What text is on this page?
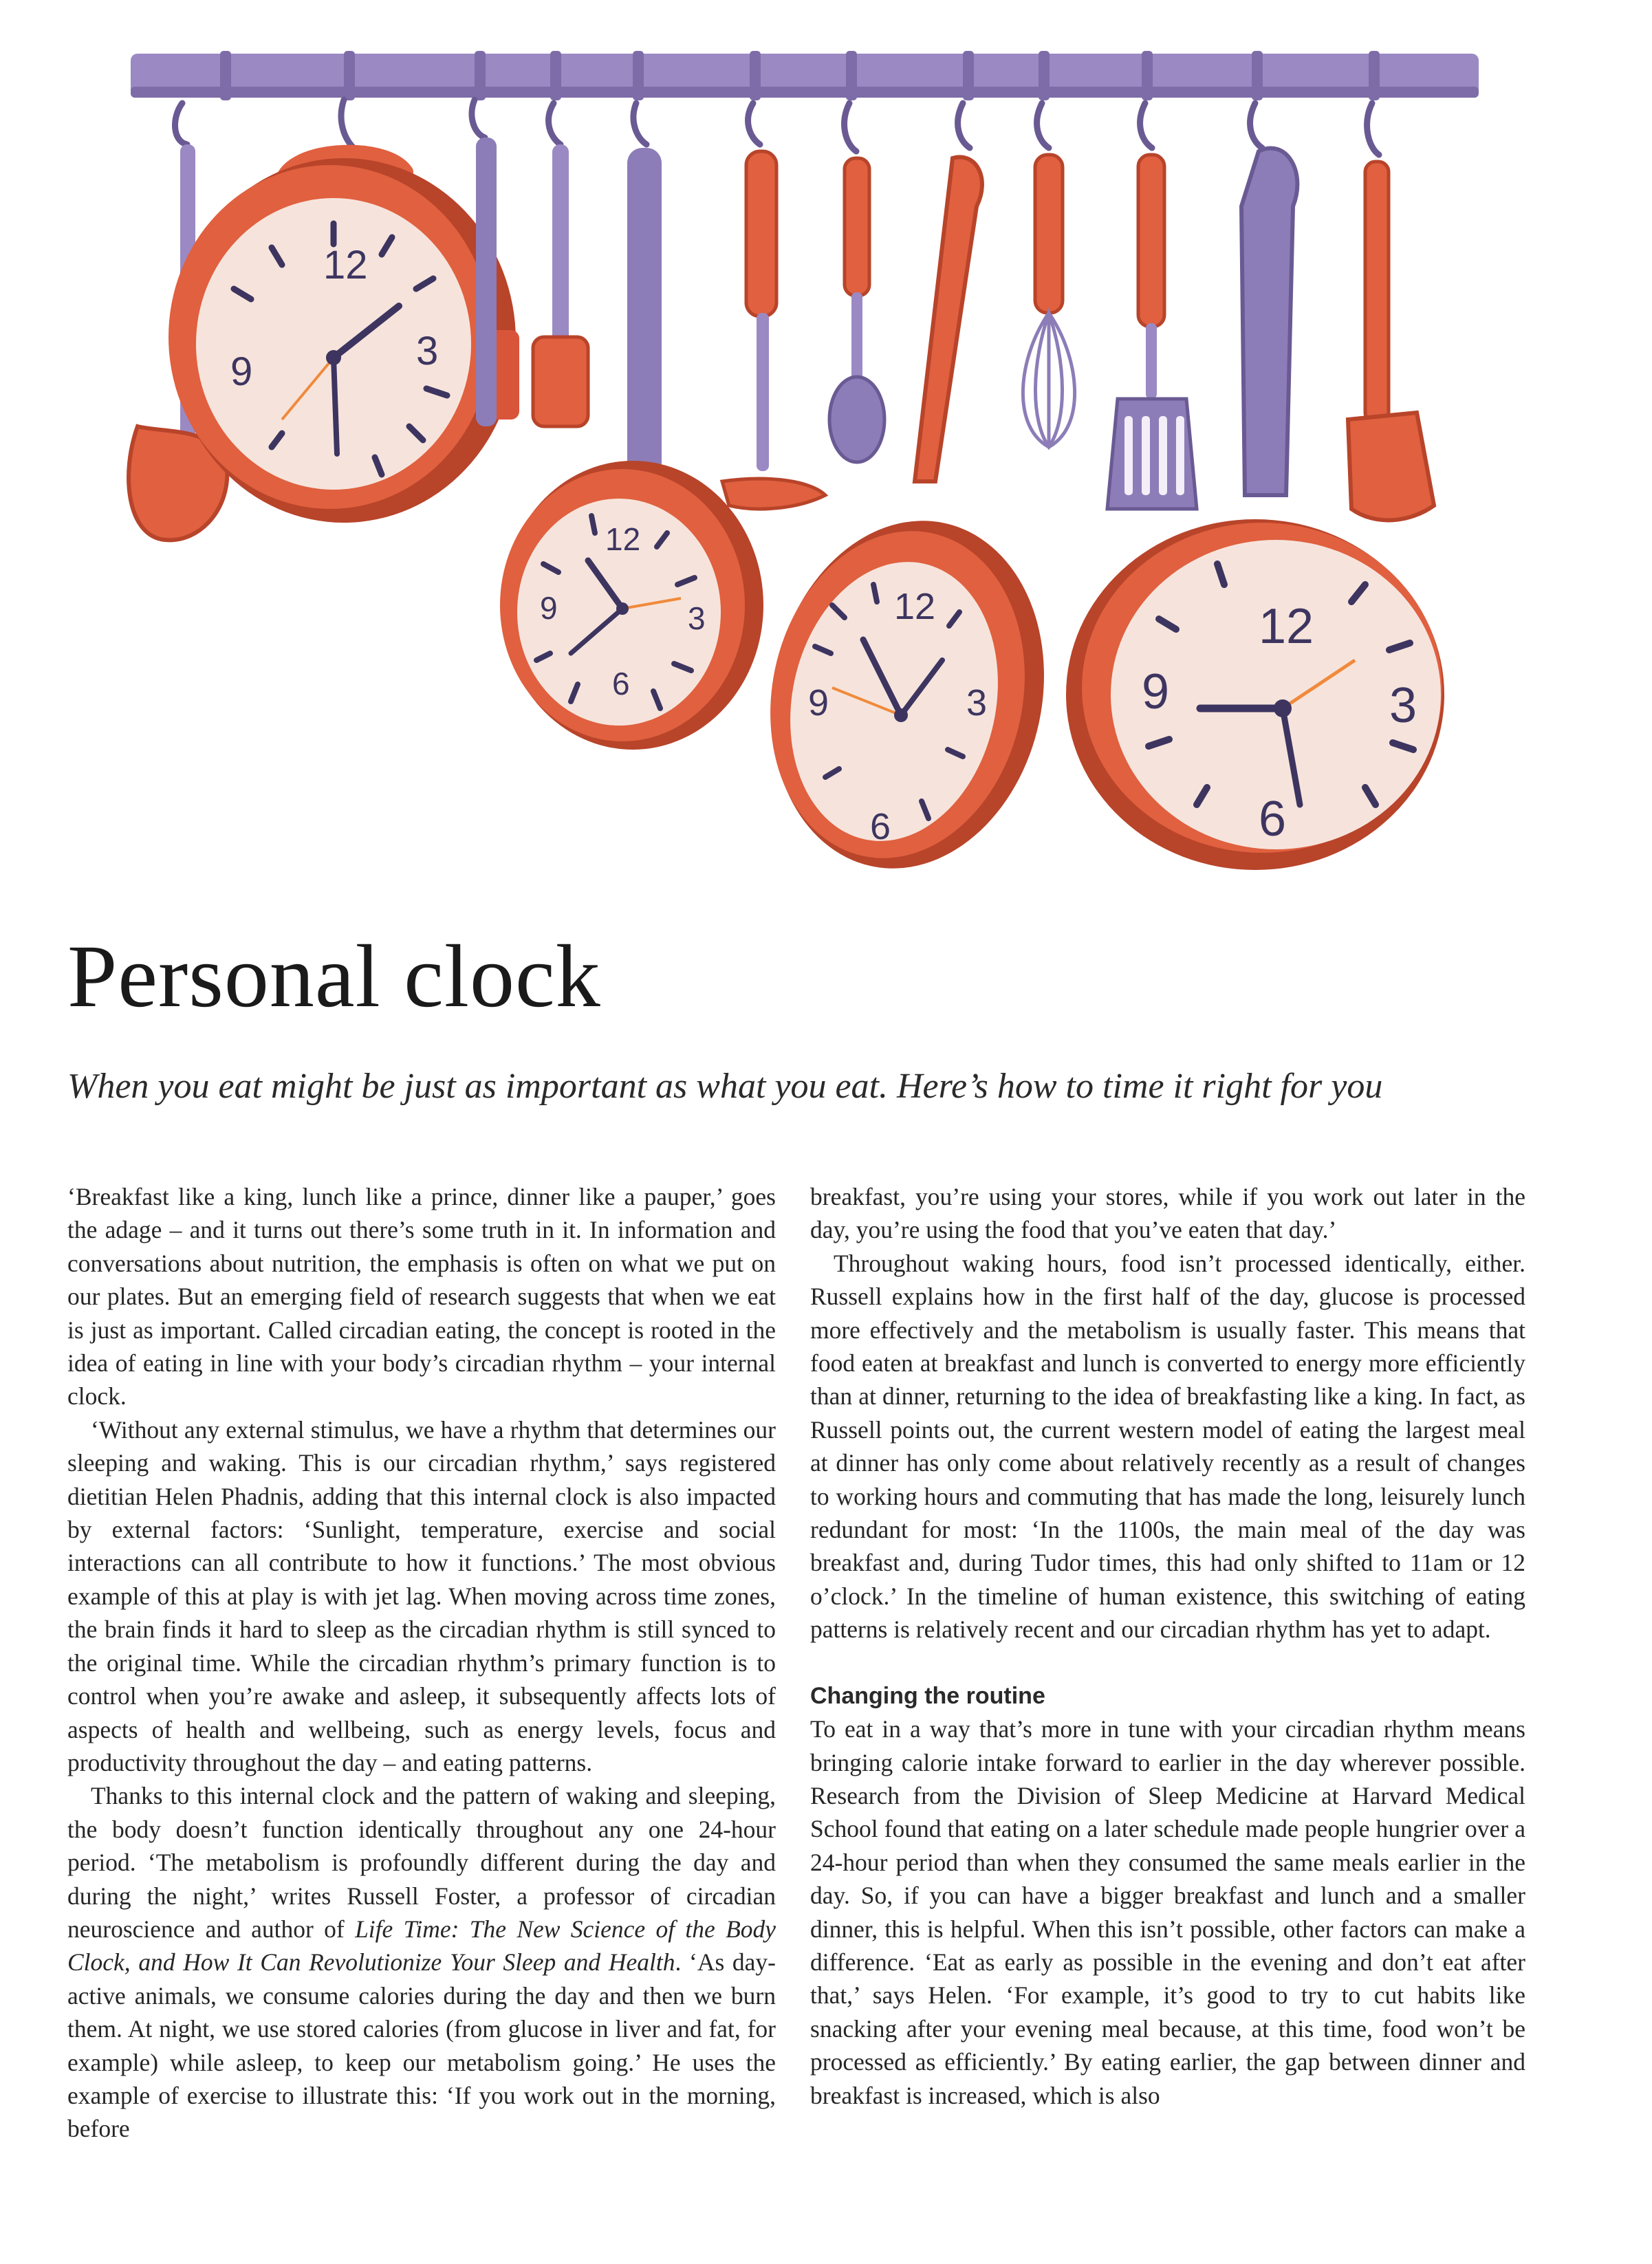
12
3
9
12
3
6
9	12
3
6
9
12
3
6
9
Personal clock

When you eat might be just as important as what you eat. Here’s how to time it right for you

‘Breakfast like a king, lunch like a prince, dinner like a pauper,’ goes the adage – and it turns out there’s some truth in it. In information and conversations about nutrition, the emphasis is often on what we put on our plates. But an emerging field of research suggests that when we eat is just as important. Called circadian eating, the concept is rooted in the idea of eating in line with your body’s circadian rhythm – your internal clock.

‘Without any external stimulus, we have a rhythm that determines our sleeping and waking. This is our circadian rhythm,’ says registered dietitian Helen Phadnis, adding that this internal clock is also impacted by external factors: ‘Sunlight, temperature, exercise and social interactions can all contribute to how it functions.’ The most obvious example of this at play is with jet lag. When moving across time zones, the brain finds it hard to sleep as the circadian rhythm is still synced to the original time. While the circadian rhythm’s primary function is to control when you’re awake and asleep, it subsequently affects lots of aspects of health and wellbeing, such as energy levels, focus and productivity throughout the day – and eating patterns.

Thanks to this internal clock and the pattern of waking and sleeping, the body doesn’t function identically throughout any one 24-hour period. ‘The metabolism is profoundly different during the day and during the night,’ writes Russell Foster, a professor of circadian neuroscience and author of Life Time: The New Science of the Body Clock, and How It Can Revolutionize Your Sleep and Health. ‘As day-active animals, we consume calories during the day and then we burn them. At night, we use stored calories (from glucose in liver and fat, for example) while asleep, to keep our metabolism going.’ He uses the example of exercise to illustrate this: ‘If you work out in the morning, before

breakfast, you’re using your stores, while if you work out later in the day, you’re using the food that you’ve eaten that day.’

Throughout waking hours, food isn’t processed identically, either. Russell explains how in the first half of the day, glucose is processed more effectively and the metabolism is usually faster. This means that food eaten at breakfast and lunch is converted to energy more efficiently than at dinner, returning to the idea of breakfasting like a king. In fact, as Russell points out, the current western model of eating the largest meal at dinner has only come about relatively recently as a result of changes to working hours and commuting that has made the long, leisurely lunch redundant for most: ‘In the 1100s, the main meal of the day was breakfast and, during Tudor times, this had only shifted to 11am or 12 o’clock.’ In the timeline of human existence, this switching of eating patterns is relatively recent and our circadian rhythm has yet to adapt.

Changing the routine

To eat in a way that’s more in tune with your circadian rhythm means bringing calorie intake forward to earlier in the day wherever possible. Research from the Division of Sleep Medicine at Harvard Medical School found that eating on a later schedule made people hungrier over a 24-hour period than when they consumed the same meals earlier in the day. So, if you can have a bigger breakfast and lunch and a smaller dinner, this is helpful. When this isn’t possible, other factors can make a difference. ‘Eat as early as possible in the evening and don’t eat after that,’ says Helen. ‘For example, it’s good to try to cut habits like snacking after your evening meal because, at this time, food won’t be processed as efficiently.’ By eating earlier, the gap between dinner and breakfast is increased, which is also
